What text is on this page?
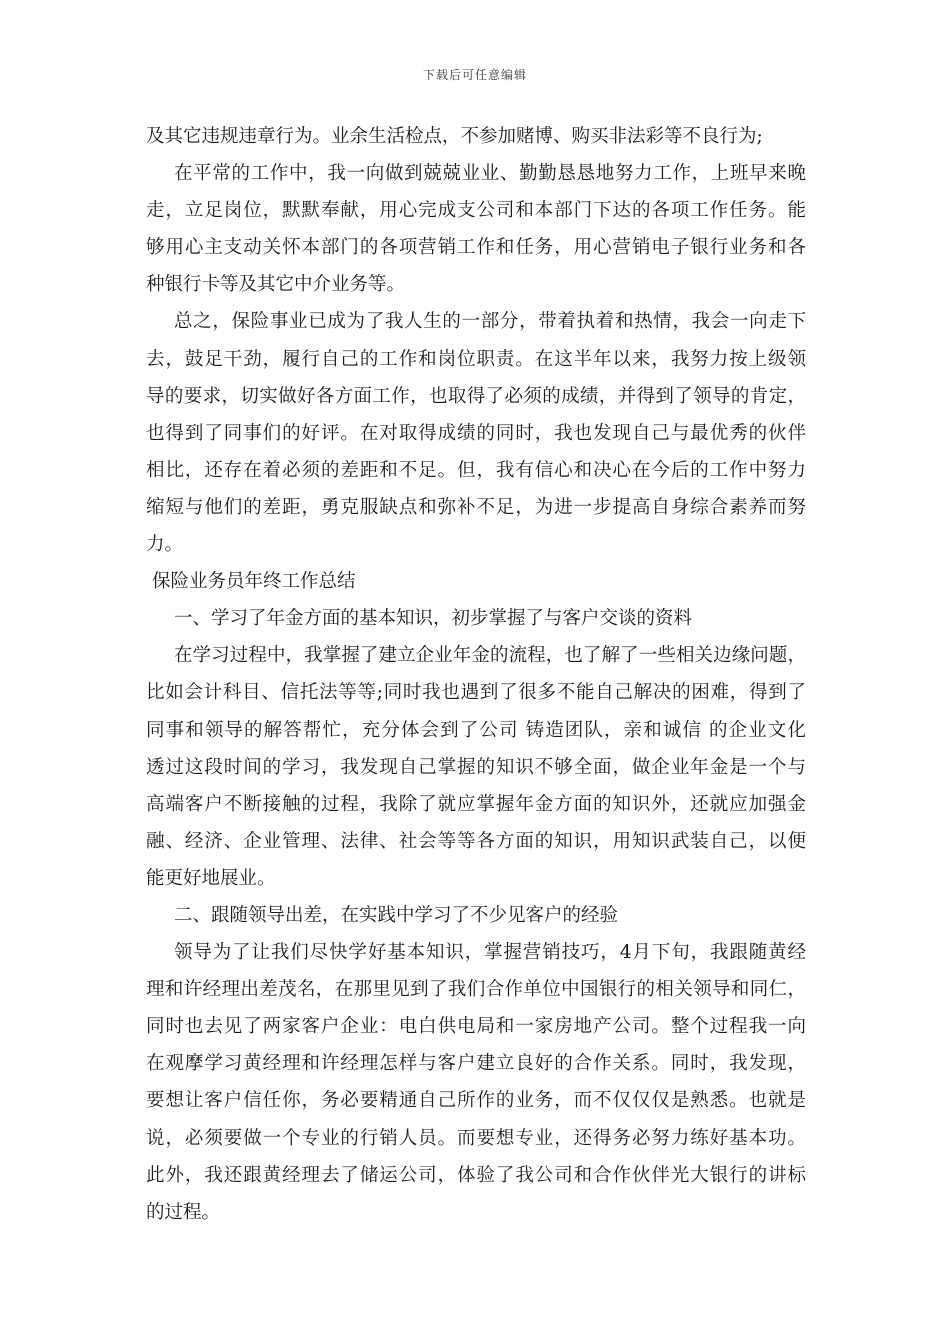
下载后可任意编辑
及其它违规违章行为。业余生活检点，不参加赌博、购买非法彩等不良行为;
在平常的工作中，我一向做到兢兢业业、勤勤恳恳地努力工作，上班早来晚
走，立足岗位，默默奉献，用心完成支公司和本部门下达的各项工作任务。能
够用心主支动关怀本部门的各项营销工作和任务，用心营销电子银行业务和各
种银行卡等及其它中介业务等。
总之，保险事业已成为了我人生的一部分，带着执着和热情，我会一向走下
去，鼓足干劲，履行自己的工作和岗位职责。在这半年以来，我努力按上级领
导的要求，切实做好各方面工作，也取得了必须的成绩，并得到了领导的肯定，
也得到了同事们的好评。在对取得成绩的同时，我也发现自己与最优秀的伙伴
相比，还存在着必须的差距和不足。但，我有信心和决心在今后的工作中努力
缩短与他们的差距，勇克服缺点和弥补不足，为进一步提高自身综合素养而努
力。
保险业务员年终工作总结
一、学习了年金方面的基本知识，初步掌握了与客户交谈的资料
在学习过程中，我掌握了建立企业年金的流程，也了解了一些相关边缘问题，
比如会计科目、信托法等等;同时我也遇到了很多不能自己解决的困难，得到了
同事和领导的解答帮忙，充分体会到了公司 铸造团队，亲和诚信 的企业文化
透过这段时间的学习，我发现自己掌握的知识不够全面，做企业年金是一个与
高端客户不断接触的过程，我除了就应掌握年金方面的知识外，还就应加强金
融、经济、企业管理、法律、社会等等各方面的知识，用知识武装自己，以便
能更好地展业。
二、跟随领导出差，在实践中学习了不少见客户的经验
领导为了让我们尽快学好基本知识，掌握营销技巧，4月下旬，我跟随黄经
理和许经理出差茂名，在那里见到了我们合作单位中国银行的相关领导和同仁，
同时也去见了两家客户企业：电白供电局和一家房地产公司。整个过程我一向
在观摩学习黄经理和许经理怎样与客户建立良好的合作关系。同时，我发现，
要想让客户信任你，务必要精通自己所作的业务，而不仅仅仅是熟悉。也就是
说，必须要做一个专业的行销人员。而要想专业，还得务必努力练好基本功。
此外，我还跟黄经理去了储运公司，体验了我公司和合作伙伴光大银行的讲标
的过程。
